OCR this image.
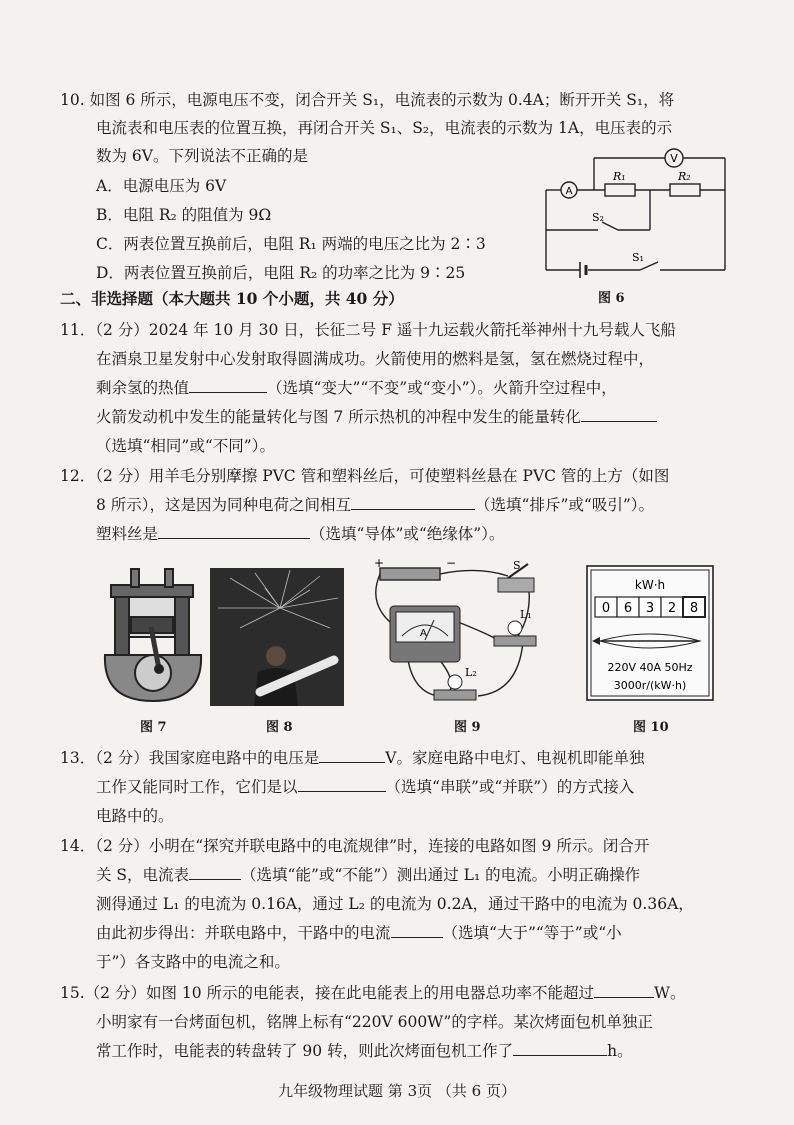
10. 如图 6 所示，电源电压不变，闭合开关 S₁，电流表的示数为 0.4A；断开开关 S₁，将
电流表和电压表的位置互换，再闭合开关 S₁、S₂，电流表的示数为 1A，电压表的示
数为 6V。下列说法不正确的是
A．电源电压为 6V
B．电阻 R₂ 的阻值为 9Ω
C．两表位置互换前后，电阻 R₁ 两端的电压之比为 2∶3
D．两表位置互换前后，电阻 R₂ 的功率之比为 9∶25
V
A
R₁	R₂
S₂
S₁
图 6
二、非选择题（本大题共 10 个小题，共 40 分）
11．（2 分）2024 年 10 月 30 日，长征二号 F 遥十九运载火箭托举神州十九号载人飞船
在酒泉卫星发射中心发射取得圆满成功。火箭使用的燃料是氢，氢在燃烧过程中，
剩余氢的热值	（选填“变大”“不变”或“变小”）。火箭升空过程中，
火箭发动机中发生的能量转化与图 7 所示热机的冲程中发生的能量转化
（选填“相同”或“不同”）。
12．（2 分）用羊毛分别摩擦 PVC 管和塑料丝后，可使塑料丝悬在 PVC 管的上方（如图
8 所示），这是因为同种电荷之间相互	（选填“排斥”或“吸引”）。
塑料丝是	（选填“导体”或“绝缘体”）。
图 7	图 8
+	−	S
L₁
L₂
A
图 9
kW·h
0 6 3 2 8
220V 40A 50Hz
3000r/(kW·h)
图 10
13．（2 分）我国家庭电路中的电压是	V。家庭电路中电灯、电视机即能单独
工作又能同时工作，它们是以	（选填“串联”或“并联”）的方式接入
电路中的。
14．（2 分）小明在“探究并联电路中的电流规律”时，连接的电路如图 9 所示。闭合开
关 S，电流表	（选填“能”或“不能”）测出通过 L₁ 的电流。小明正确操作
测得通过 L₁ 的电流为 0.16A，通过 L₂ 的电流为 0.2A，通过干路中的电流为 0.36A，
由此初步得出：并联电路中，干路中的电流	（选填“大于”“等于”或“小
于”）各支路中的电流之和。
15.（2 分）如图 10 所示的电能表，接在此电能表上的用电器总功率不能超过	W。
小明家有一台烤面包机，铭牌上标有“220V 600W”的字样。某次烤面包机单独正
常工作时，电能表的转盘转了 90 转，则此次烤面包机工作了	h。
九年级物理试题 第 3页 （共 6 页）
